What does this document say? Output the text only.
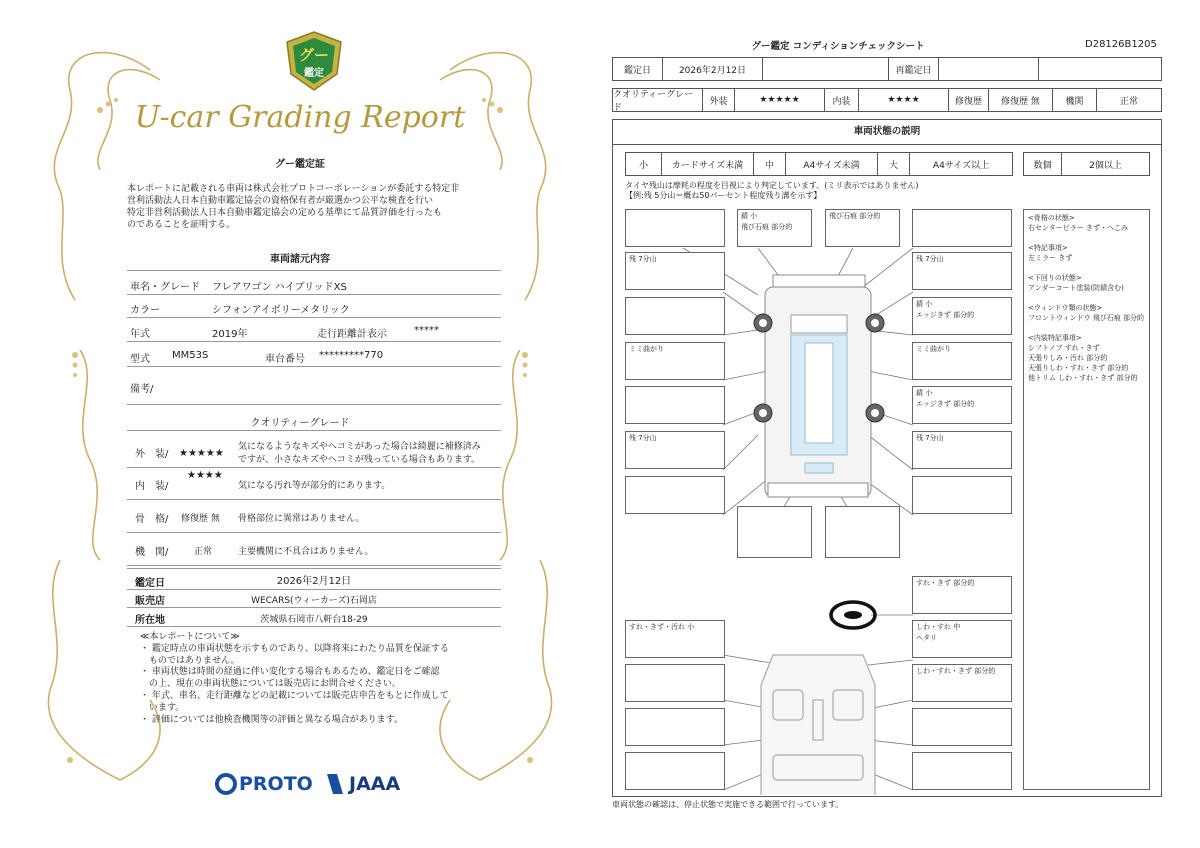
グー
鑑定
U-car Grading Report
グー鑑定証
本レポートに記載される車両は株式会社プロトコーポレーションが委託する特定非
営利活動法人日本自動車鑑定協会の資格保有者が厳選かつ公平な検査を行い
特定非営利活動法人日本自動車鑑定協会の定める基準にて品質評価を行ったも
のであることを証明する。
車両諸元内容
車名・グレード フレアワゴン ハイブリッドXS
カラー	シフォンアイボリーメタリック
年式	2019年	走行距離計表示	*****
型式 MM53S	車台番号 *********770
備考/
クオリティーグレード
外　装/ ★★★★★
気になるようなキズやヘコミがあった場合は綺麗に補修済み
ですが、小さなキズやヘコミが残っている場合もあります。
内　装/
★★★★
気になる汚れ等が部分的にあります。
骨　格/ 修復歴 無 骨格部位に異常はありません。
機　関/	正常	主要機関に不具合はありません。
鑑定日	2026年2月12日
販売店	WECARS(ウィーカーズ)石岡店
所在地	茨城県石岡市八軒台18-29
≪本レポートについて≫
・ 鑑定時点の車両状態を示すものであり、以降将来にわたり品質を保証する
　ものではありません。
・ 車両状態は時間の経過に伴い変化する場合もあるため、鑑定日をご確認
　の上、現在の車両状態については販売店にお問合せください。
・ 年式、車名、走行距離などの記載については販売店申告をもとに作成して
　います。
・ 評価については他検査機関等の評価と異なる場合があります。
PROTO JAAA
グー鑑定 コンディションチェックシート	D28126B1205
鑑定日	2026年2月12日	再鑑定日
クオリティーグレード
外装	★★★★★	内装	★★★★	修復歴	修復歴 無	機関	正常
車両状態の説明
小	カードサイズ未満	中	A4サイズ未満	大	A4サイズ以上	数個	2個以上
タイヤ残山は摩耗の程度を目視により判定しています。(ミリ表示ではありません)
【例:残 5分山＝概ね50パーセント程度残り溝を示す】
錆 小
飛び石痕 部分的
飛び石痕 部分的
残 7分山	残 7分山
錆 小
エッジきず 部分的
ミミ曲がり	ミミ曲がり
錆 小
エッジきず 部分的
残 7分山	残 7分山
すれ・きず 部分的
すれ・きず・汚れ 小	しわ・すれ 中
ヘタリ
しわ・すれ・きず 部分的
<骨格の状態>
右センターピラー きず・へこみ
<特記事項>
左ミラー きず
<下回りの状態>
アンダーコート塗装(防錆含む)
<ウィンドウ類の状態>
フロントウィンドウ 飛び石痕 部分的
<内装特記事項>
シフトノブ すれ・きず
天張りしみ・汚れ 部分的
天張りしわ・すれ・きず 部分的
他トリム しわ・すれ・きず 部分的
車両状態の確認は、停止状態で実施できる範囲で行っています。
